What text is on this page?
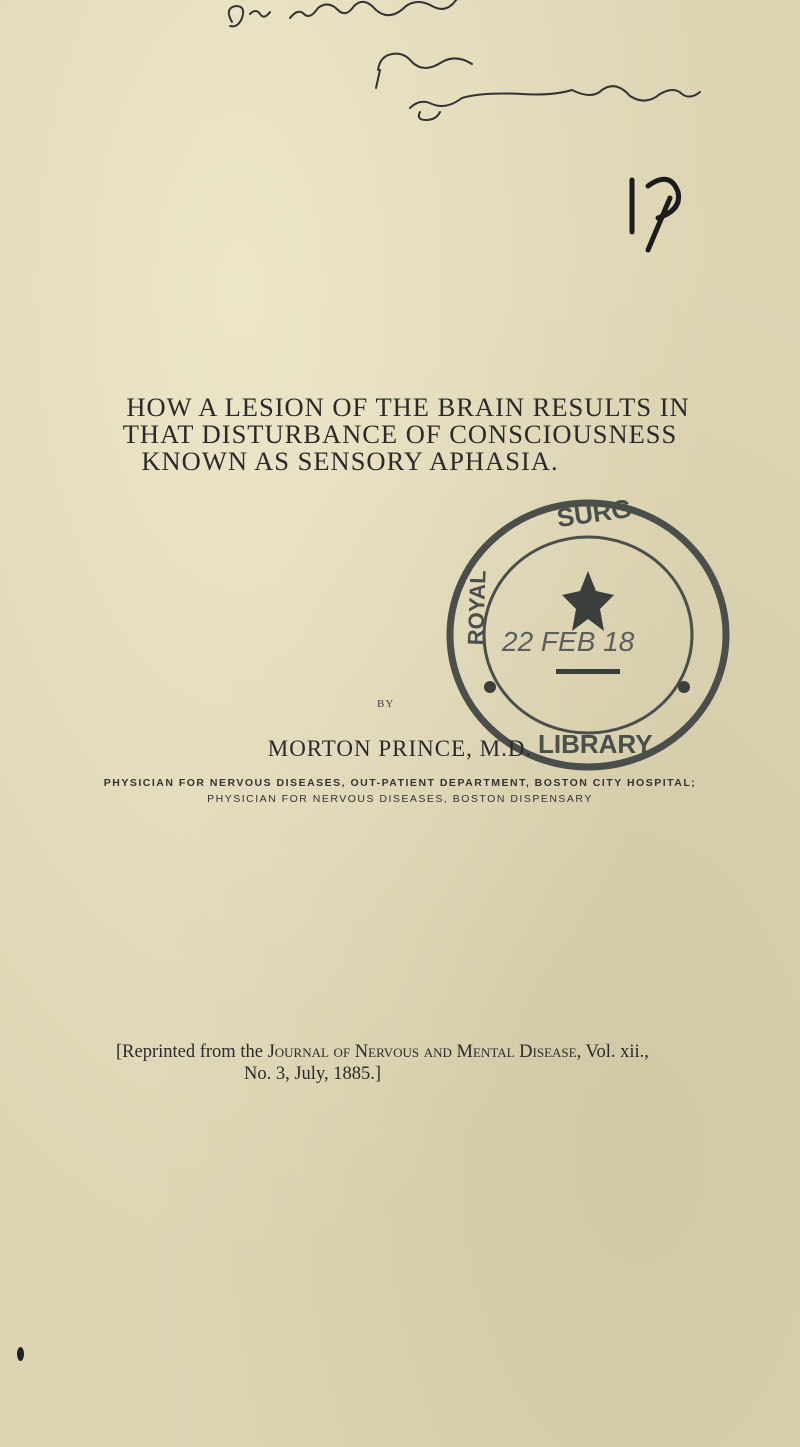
HOW A LESION OF THE BRAIN RESULTS IN
THAT DISTURBANCE OF CONSCIOUSNESS
KNOWN AS SENSORY APHASIA.
SURG
ROYAL
LIBRARY
22 FEB 18
BY
MORTON PRINCE, M.D.
PHYSICIAN FOR NERVOUS DISEASES, OUT-PATIENT DEPARTMENT, BOSTON CITY HOSPITAL;
PHYSICIAN FOR NERVOUS DISEASES, BOSTON DISPENSARY
[Reprinted from the Journal of Nervous and Mental Disease, Vol. xii.,
No. 3, July, 1885.]
